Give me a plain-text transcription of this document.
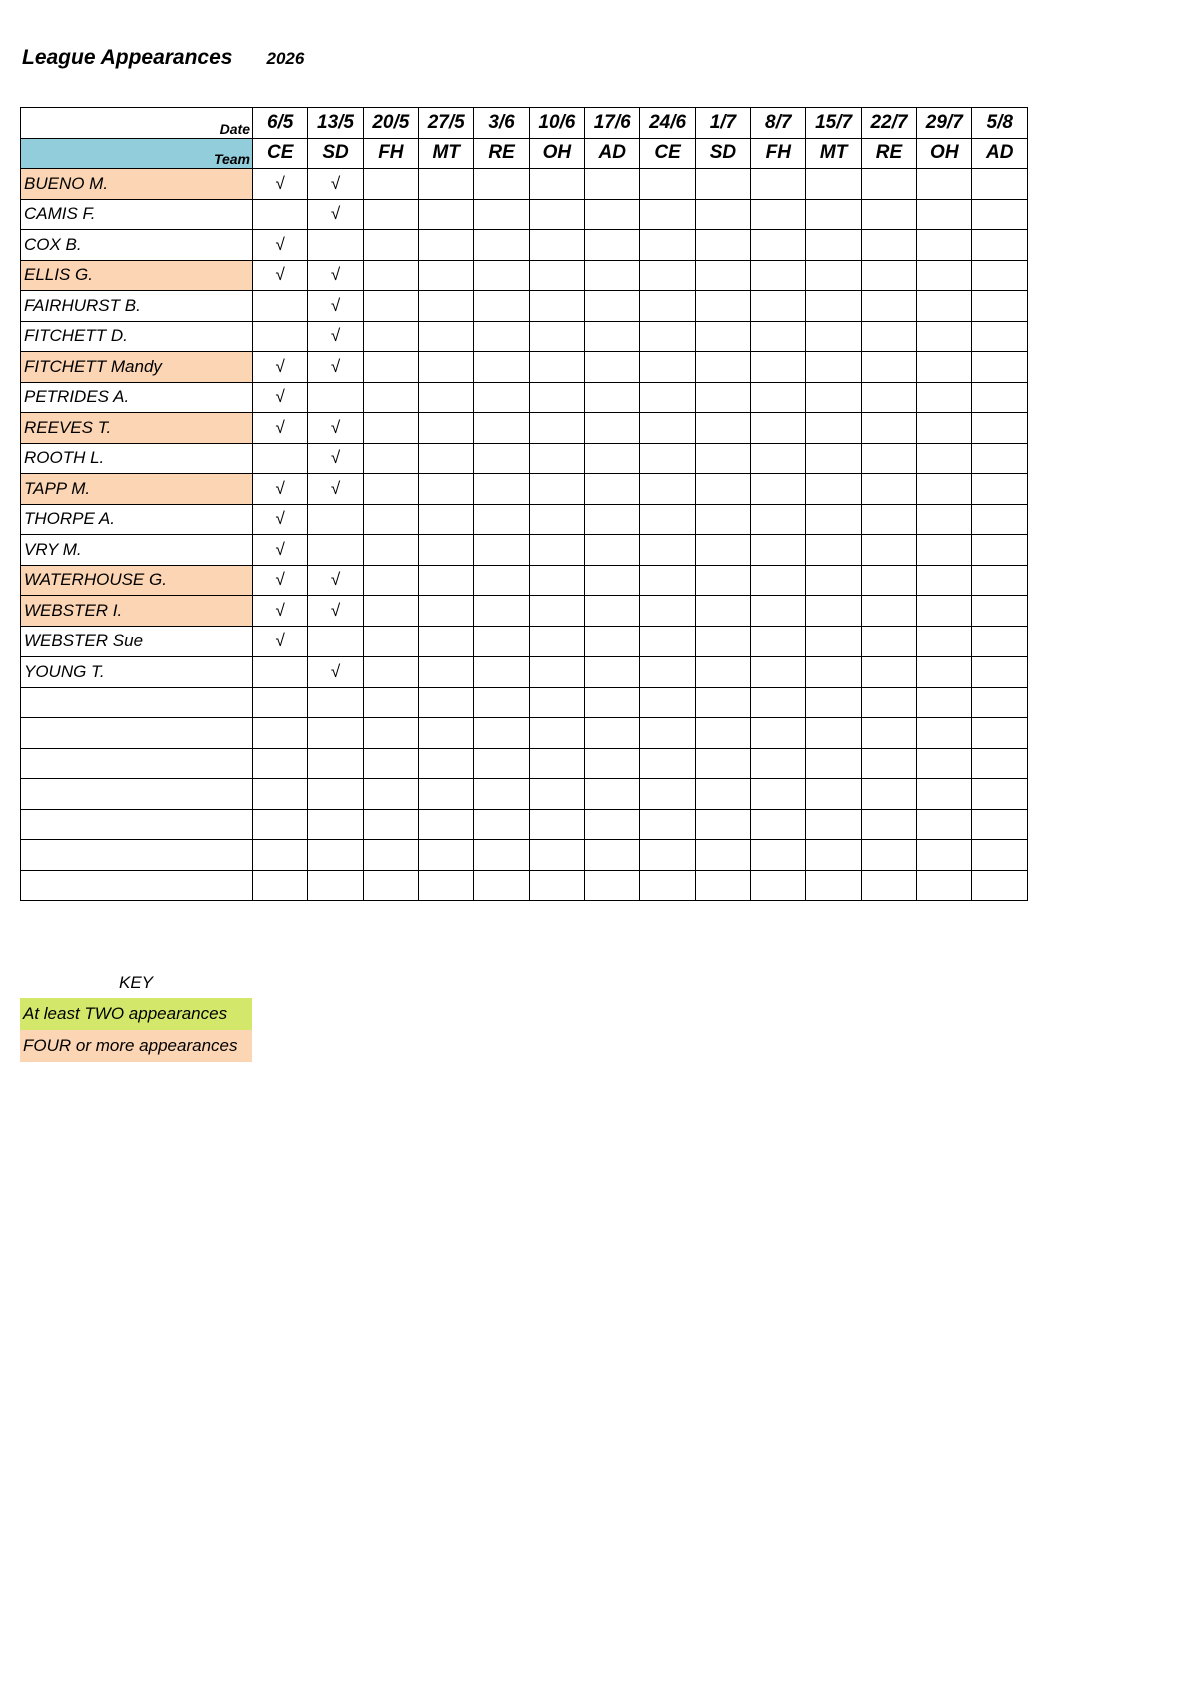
League Appearances 2026
Date	6/5	13/5	20/5	27/5	3/6	10/6	17/6	24/6	1/7	8/7	15/7	22/7	29/7	5/8
Team	CE	SD	FH	MT	RE	OH	AD	CE	SD	FH	MT	RE	OH	AD
BUENO M.	√	√												
CAMIS F.		√												
COX B.	√													
ELLIS G.	√	√												
FAIRHURST B.		√												
FITCHETT D.		√												
FITCHETT Mandy	√	√												
PETRIDES A.	√													
REEVES T.	√	√												
ROOTH L.		√												
TAPP M.	√	√												
THORPE A.	√													
VRY M.	√													
WATERHOUSE G.	√	√												
WEBSTER I.	√	√												
WEBSTER Sue	√													
YOUNG T.		√												

KEY
At least TWO appearances
FOUR or more appearances
